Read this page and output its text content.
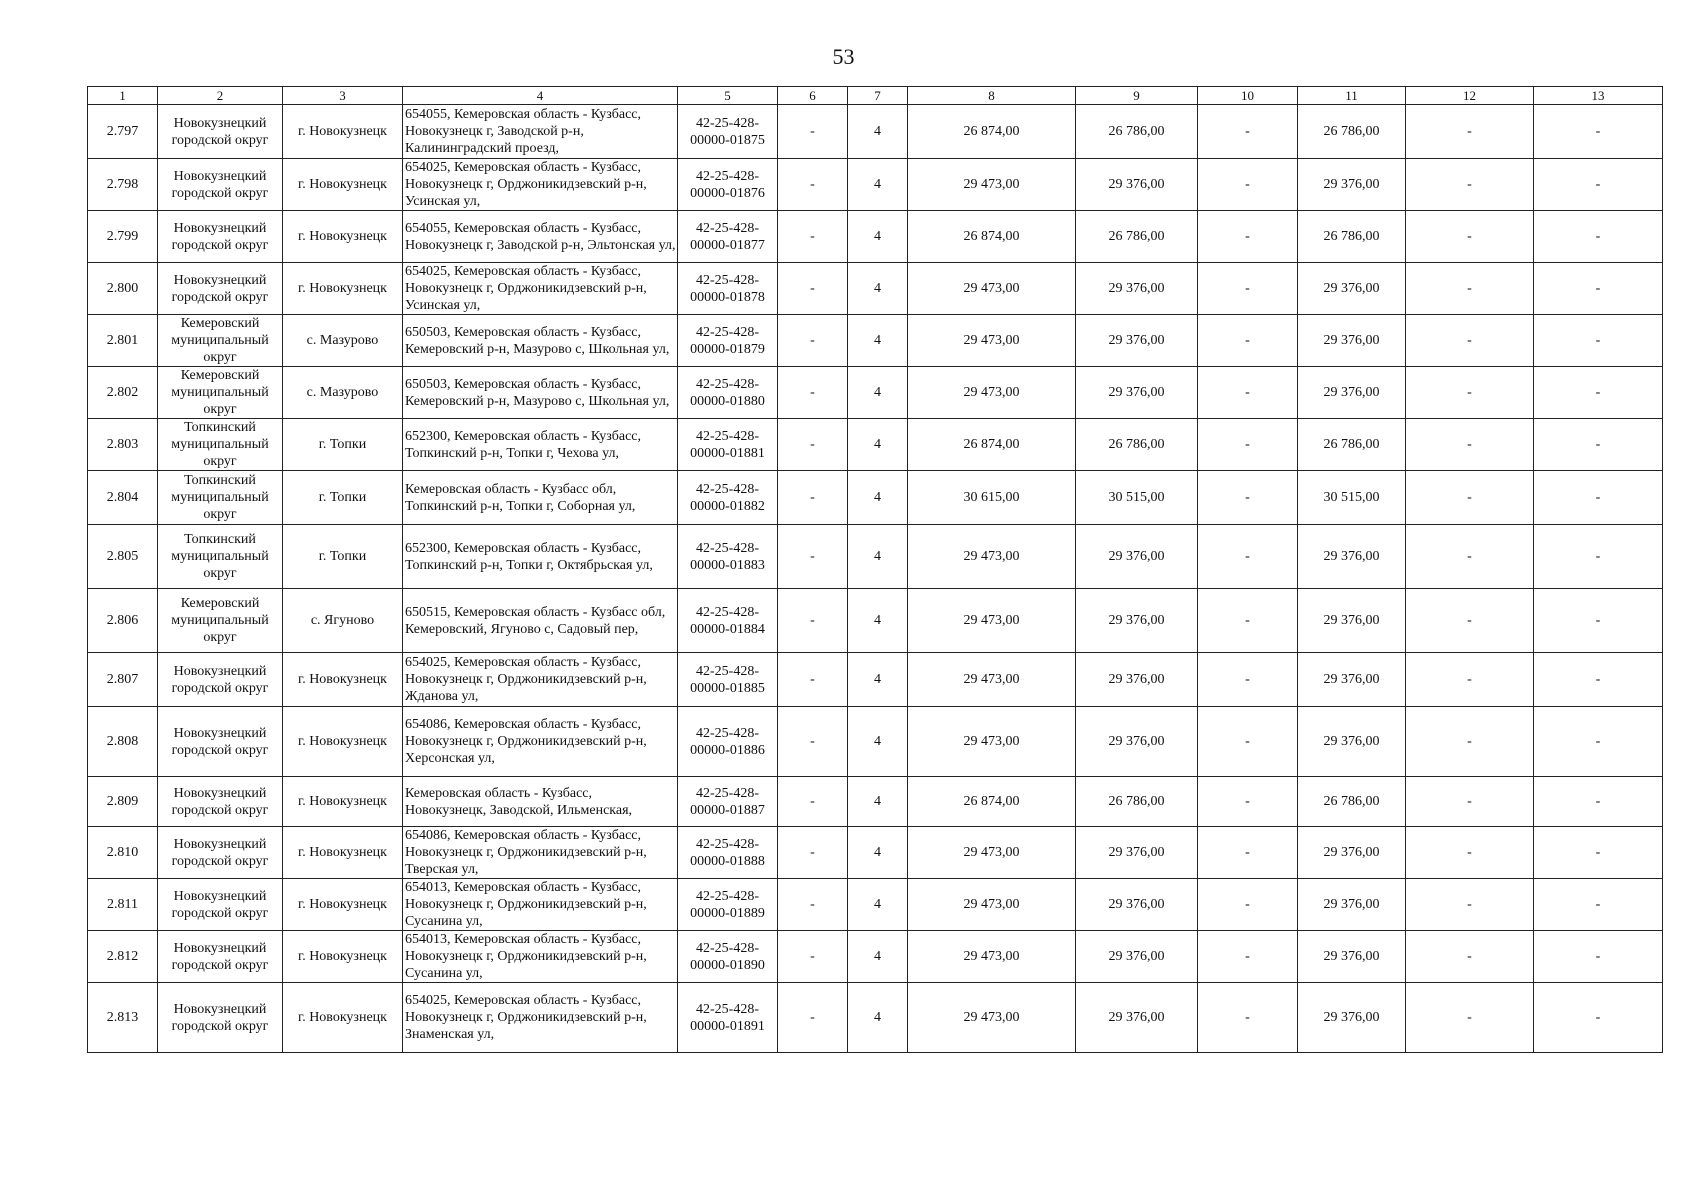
53
1	2	3	4	5	6	7	8	9	10	11	12	13
2.797	Новокузнецкий городской округ	г. Новокузнецк	654055, Кемеровская область - Кузбасс, Новокузнецк г, Заводской р-н, Калининградский проезд,	42-25-428-00000-01875	-	4	26 874,00	26 786,00	-	26 786,00	-	-
2.798	Новокузнецкий городской округ	г. Новокузнецк	654025, Кемеровская область - Кузбасс, Новокузнецк г, Орджоникидзевский р-н, Усинская ул,	42-25-428-00000-01876	-	4	29 473,00	29 376,00	-	29 376,00	-	-
2.799	Новокузнецкий городской округ	г. Новокузнецк	654055, Кемеровская область - Кузбасс, Новокузнецк г, Заводской р-н, Эльтонская ул,	42-25-428-00000-01877	-	4	26 874,00	26 786,00	-	26 786,00	-	-
2.800	Новокузнецкий городской округ	г. Новокузнецк	654025, Кемеровская область - Кузбасс, Новокузнецк г, Орджоникидзевский р-н, Усинская ул,	42-25-428-00000-01878	-	4	29 473,00	29 376,00	-	29 376,00	-	-
2.801	Кемеровский муниципальный округ	с. Мазурово	650503, Кемеровская область - Кузбасс, Кемеровский р-н, Мазурово с, Школьная ул,	42-25-428-00000-01879	-	4	29 473,00	29 376,00	-	29 376,00	-	-
2.802	Кемеровский муниципальный округ	с. Мазурово	650503, Кемеровская область - Кузбасс, Кемеровский р-н, Мазурово с, Школьная ул,	42-25-428-00000-01880	-	4	29 473,00	29 376,00	-	29 376,00	-	-
2.803	Топкинский муниципальный округ	г. Топки	652300, Кемеровская область - Кузбасс, Топкинский р-н, Топки г, Чехова ул,	42-25-428-00000-01881	-	4	26 874,00	26 786,00	-	26 786,00	-	-
2.804	Топкинский муниципальный округ	г. Топки	Кемеровская область - Кузбасс обл, Топкинский р-н, Топки г, Соборная ул,	42-25-428-00000-01882	-	4	30 615,00	30 515,00	-	30 515,00	-	-
2.805	Топкинский муниципальный округ	г. Топки	652300, Кемеровская область - Кузбасс, Топкинский р-н, Топки г, Октябрьская ул,	42-25-428-00000-01883	-	4	29 473,00	29 376,00	-	29 376,00	-	-
2.806	Кемеровский муниципальный округ	с. Ягуново	650515, Кемеровская область - Кузбасс обл, Кемеровский, Ягуново с, Садовый пер,	42-25-428-00000-01884	-	4	29 473,00	29 376,00	-	29 376,00	-	-
2.807	Новокузнецкий городской округ	г. Новокузнецк	654025, Кемеровская область - Кузбасс, Новокузнецк г, Орджоникидзевский р-н, Жданова ул,	42-25-428-00000-01885	-	4	29 473,00	29 376,00	-	29 376,00	-	-
2.808	Новокузнецкий городской округ	г. Новокузнецк	654086, Кемеровская область - Кузбасс, Новокузнецк г, Орджоникидзевский р-н, Херсонская ул,	42-25-428-00000-01886	-	4	29 473,00	29 376,00	-	29 376,00	-	-
2.809	Новокузнецкий городской округ	г. Новокузнецк	Кемеровская область - Кузбасс, Новокузнецк, Заводской, Ильменская,	42-25-428-00000-01887	-	4	26 874,00	26 786,00	-	26 786,00	-	-
2.810	Новокузнецкий городской округ	г. Новокузнецк	654086, Кемеровская область - Кузбасс, Новокузнецк г, Орджоникидзевский р-н, Тверская ул,	42-25-428-00000-01888	-	4	29 473,00	29 376,00	-	29 376,00	-	-
2.811	Новокузнецкий городской округ	г. Новокузнецк	654013, Кемеровская область - Кузбасс, Новокузнецк г, Орджоникидзевский р-н, Сусанина ул,	42-25-428-00000-01889	-	4	29 473,00	29 376,00	-	29 376,00	-	-
2.812	Новокузнецкий городской округ	г. Новокузнецк	654013, Кемеровская область - Кузбасс, Новокузнецк г, Орджоникидзевский р-н, Сусанина ул,	42-25-428-00000-01890	-	4	29 473,00	29 376,00	-	29 376,00	-	-
2.813	Новокузнецкий городской округ	г. Новокузнецк	654025, Кемеровская область - Кузбасс, Новокузнецк г, Орджоникидзевский р-н, Знаменская ул,	42-25-428-00000-01891	-	4	29 473,00	29 376,00	-	29 376,00	-	-
